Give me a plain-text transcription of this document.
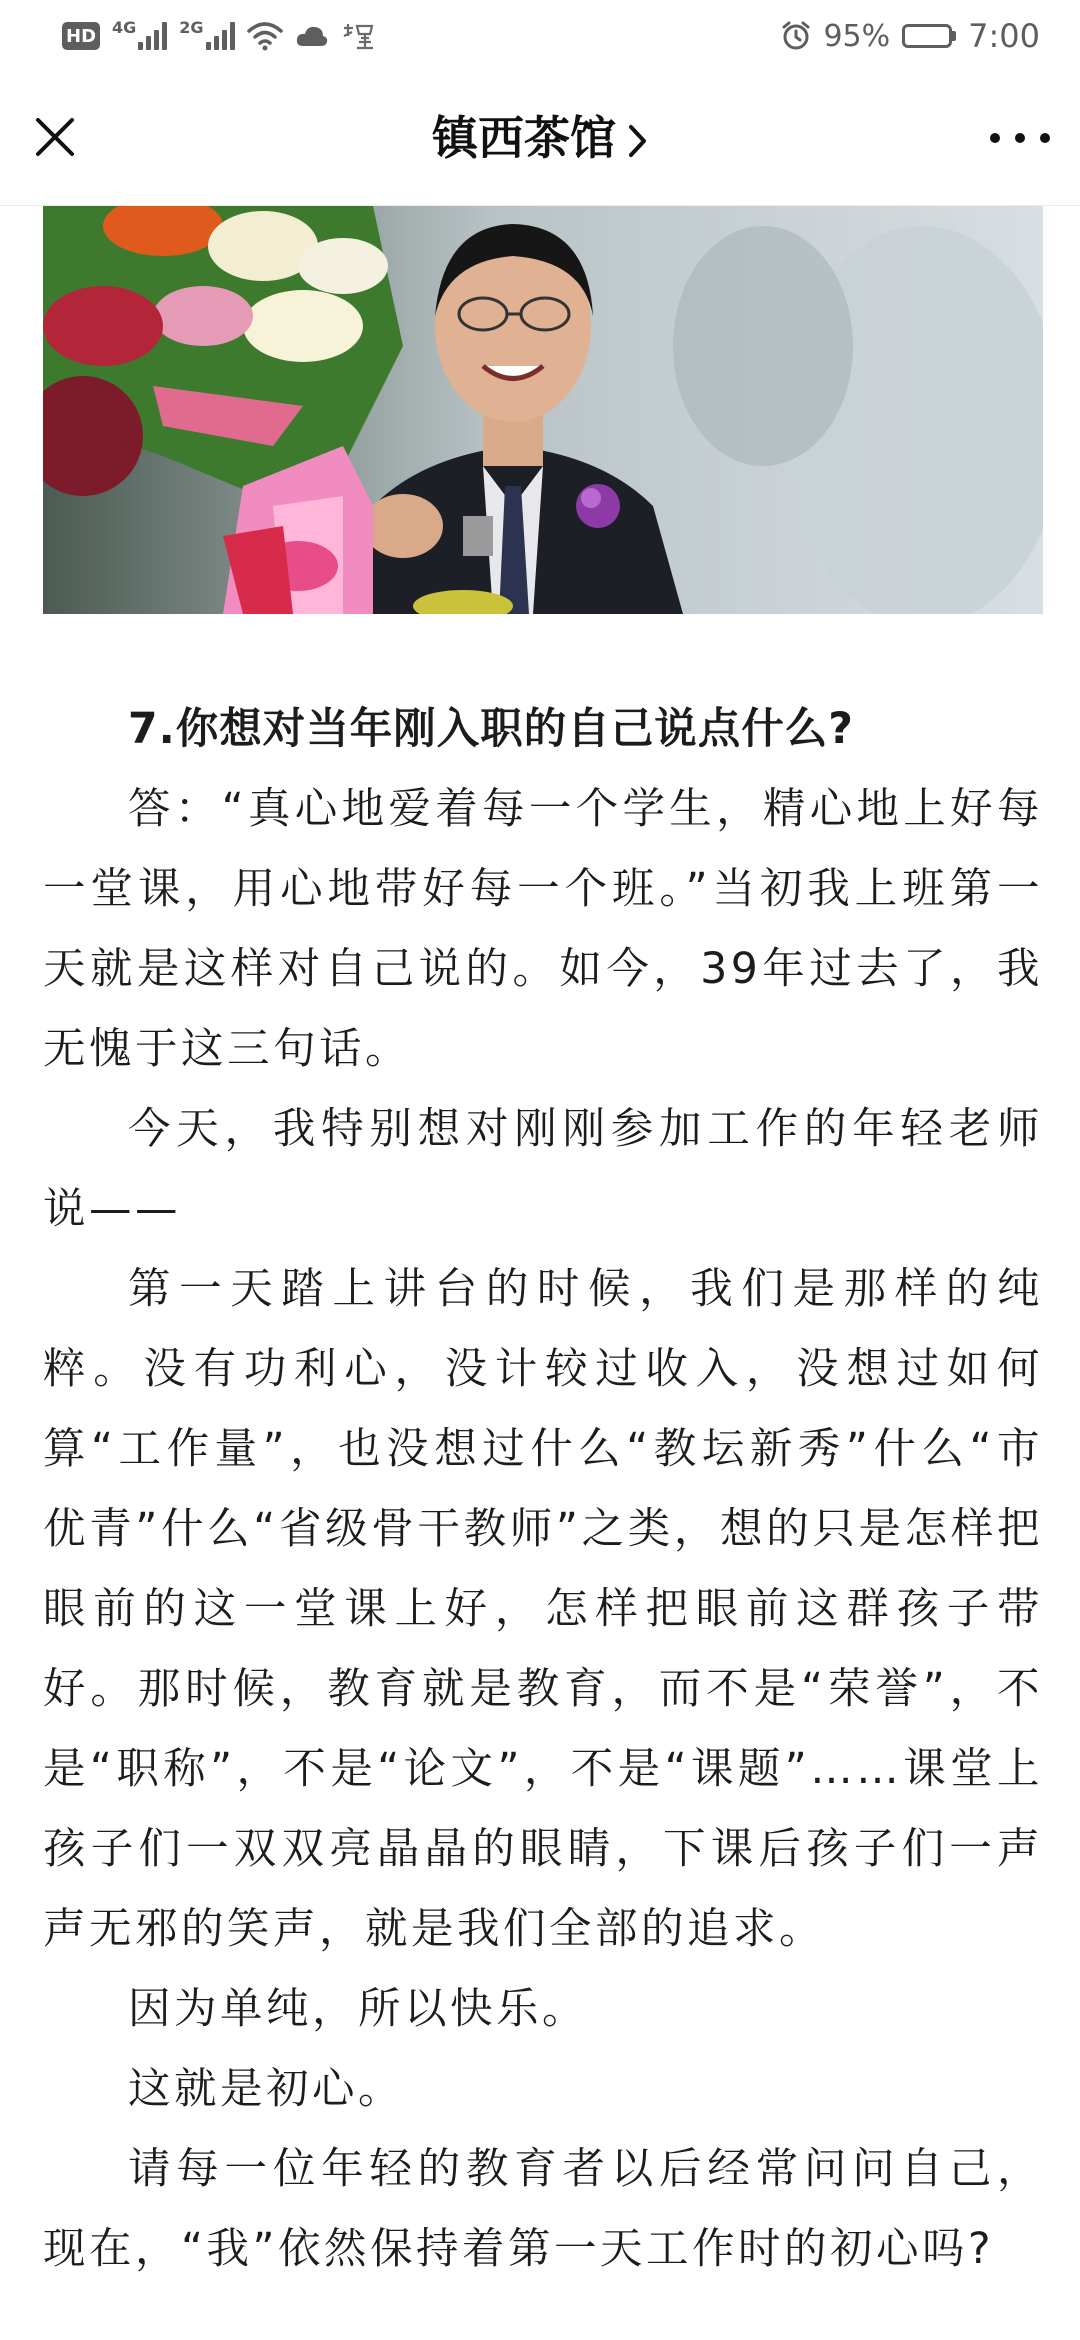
HD 4G	2G	95% 7:00
镇西茶馆

7.你想对当年刚入职的自己说点什么?

答：“真心地爱着每一个学生，精心地上好每一堂课，用心地带好每一个班。”当初我上班第一天就是这样对自己说的。如今，39年过去了，我无愧于这三句话。

今天，我特别想对刚刚参加工作的年轻老师说——

第一天踏上讲台的时候，我们是那样的纯粹。没有功利心，没计较过收入，没想过如何算“工作量”，也没想过什么“教坛新秀”什么“市优青”什么“省级骨干教师”之类，想的只是怎样把眼前的这一堂课上好，怎样把眼前这群孩子带好。那时候，教育就是教育，而不是“荣誉”，不是“职称”，不是“论文”，不是“课题”……课堂上孩子们一双双亮晶晶的眼睛，下课后孩子们一声声无邪的笑声，就是我们全部的追求。

因为单纯，所以快乐。

这就是初心。

请每一位年轻的教育者以后经常问问自己，现在，“我”依然保持着第一天工作时的初心吗?
